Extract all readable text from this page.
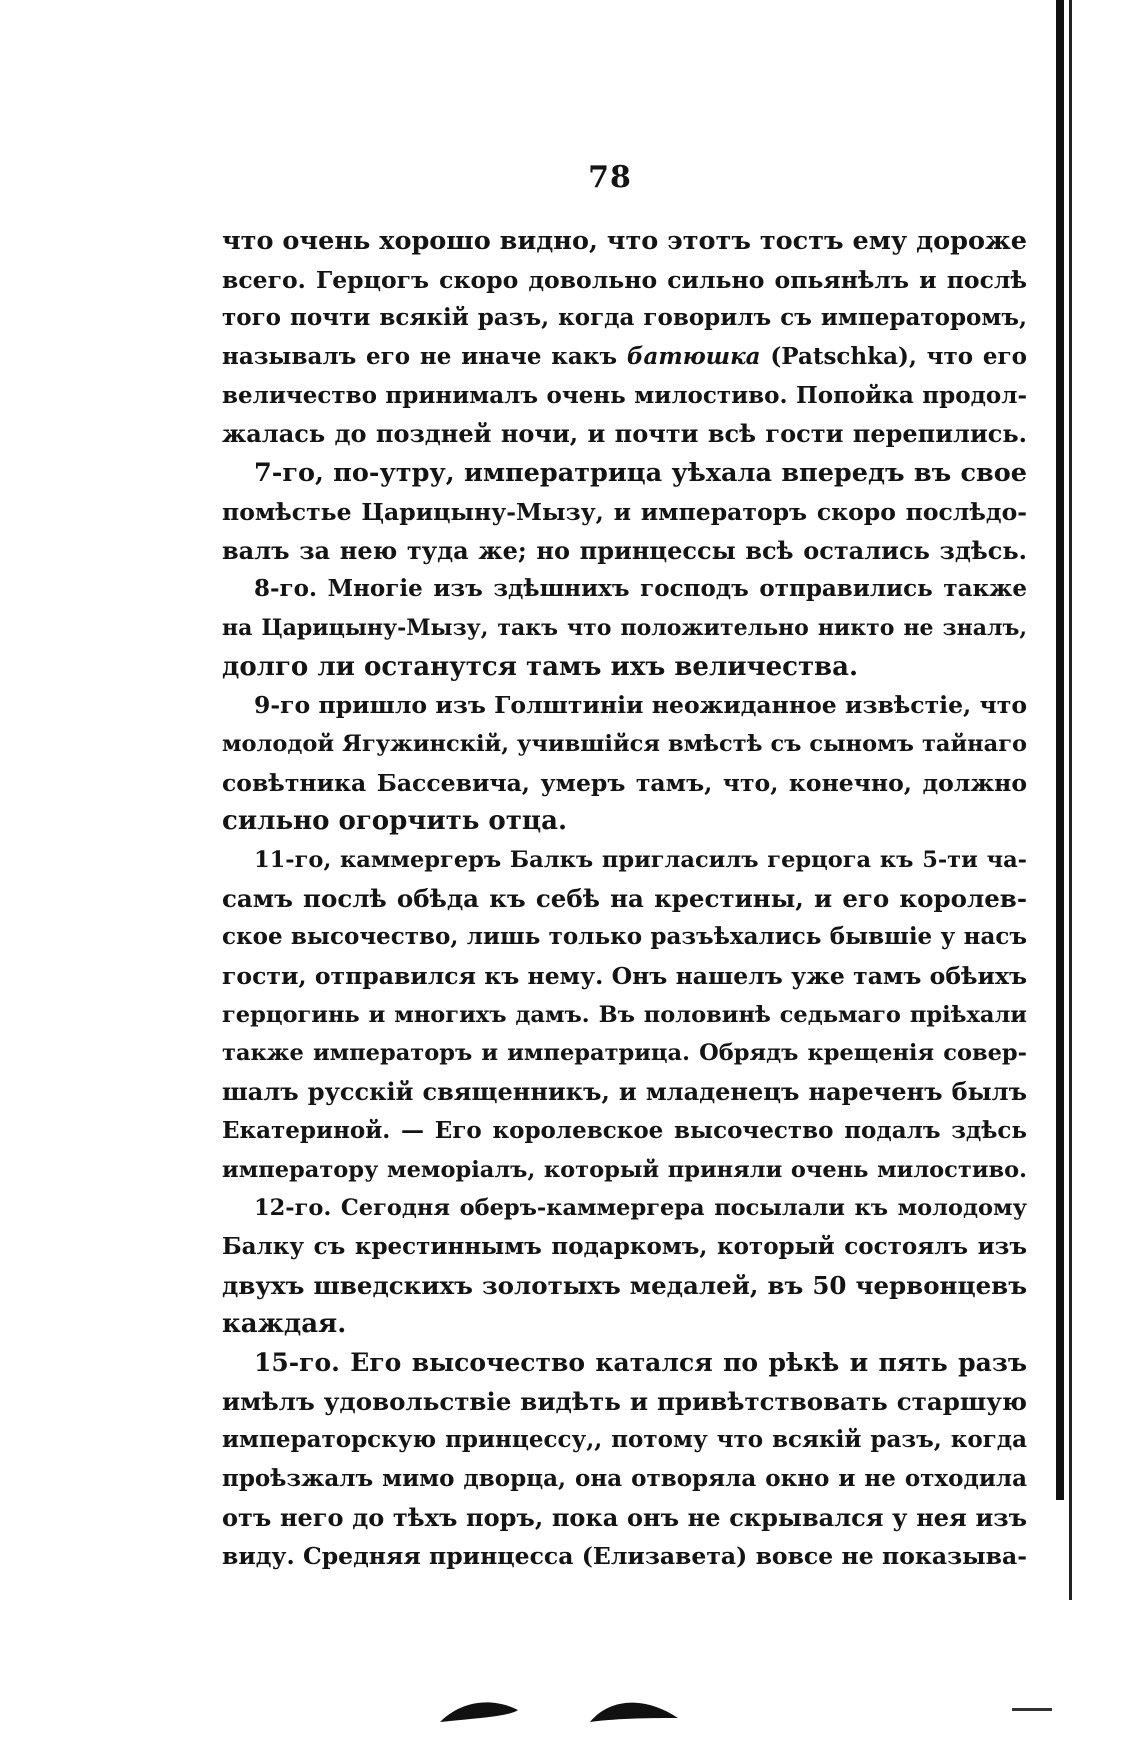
78
что очень хорошо видно, что этотъ тостъ ему дороже
всего. Герцогъ скоро довольно сильно опьянѣлъ и послѣ
того почти всякій разъ, когда говорилъ съ императоромъ,
называлъ его не иначе какъ батюшка (Patschka), что его
величество принималъ очень милостиво. Попойка продол-
жалась до поздней ночи, и почти всѣ гости перепились.
7-го, по-утру, императрица уѣхала впередъ въ свое
помѣстье Царицыну-Мызу, и императоръ скоро послѣдо-
валъ за нею туда же; но принцессы всѣ остались здѣсь.
8-го. Многіе изъ здѣшнихъ господъ отправились также
на Царицыну-Мызу, такъ что положительно никто не зналъ,
долго ли останутся тамъ ихъ величества.
9-го пришло изъ Голштиніи неожиданное извѣстіе, что
молодой Ягужинскій, учившійся вмѣстѣ съ сыномъ тайнаго
совѣтника Бассевича, умеръ тамъ, что, конечно, должно
сильно огорчить отца.
11-го, каммергеръ Балкъ пригласилъ герцога къ 5-ти ча-
самъ послѣ обѣда къ себѣ на крестины, и его королев-
ское высочество, лишь только разъѣхались бывшіе у насъ
гости, отправился къ нему. Онъ нашелъ уже тамъ обѣихъ
герцогинь и многихъ дамъ. Въ половинѣ седьмаго пріѣхали
также императоръ и императрица. Обрядъ крещенія совер-
шалъ русскій священникъ, и младенецъ нареченъ былъ
Екатериной. — Его королевское высочество подалъ здѣсь
императору меморіалъ, который приняли очень милостиво.
12-го. Сегодня оберъ-каммергера посылали къ молодому
Балку съ крестиннымъ подаркомъ, который состоялъ изъ
двухъ шведскихъ золотыхъ медалей, въ 50 червонцевъ
каждая.
15-го. Его высочество катался по рѣкѣ и пять разъ
имѣлъ удовольствіе видѣть и привѣтствовать старшую
императорскую принцессу,, потому что всякій разъ, когда
проѣзжалъ мимо дворца, она отворяла окно и не отходила
отъ него до тѣхъ поръ, пока онъ не скрывался у нея изъ
виду. Средняя принцесса (Елизавета) вовсе не показыва-
